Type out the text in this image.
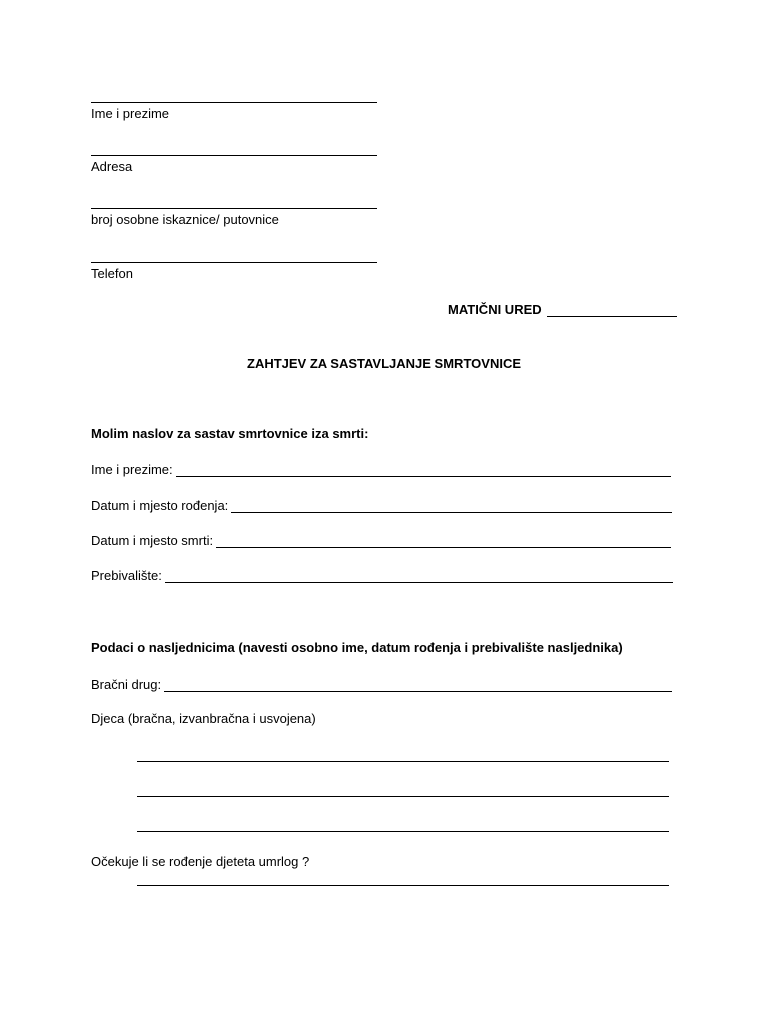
Ime i prezime
Adresa
broj osobne iskaznice/ putovnice
Telefon
MATIČNI URED
ZAHTJEV ZA SASTAVLJANJE SMRTOVNICE
Molim naslov za sastav smrtovnice iza smrti:
Ime i prezime:
Datum i mjesto rođenja:
Datum i mjesto smrti:
Prebivalište:
Podaci o nasljednicima (navesti osobno ime, datum rođenja i prebivalište nasljednika)
Bračni drug:
Djeca (bračna, izvanbračna i usvojena)
Očekuje li se rođenje djeteta umrlog ?
